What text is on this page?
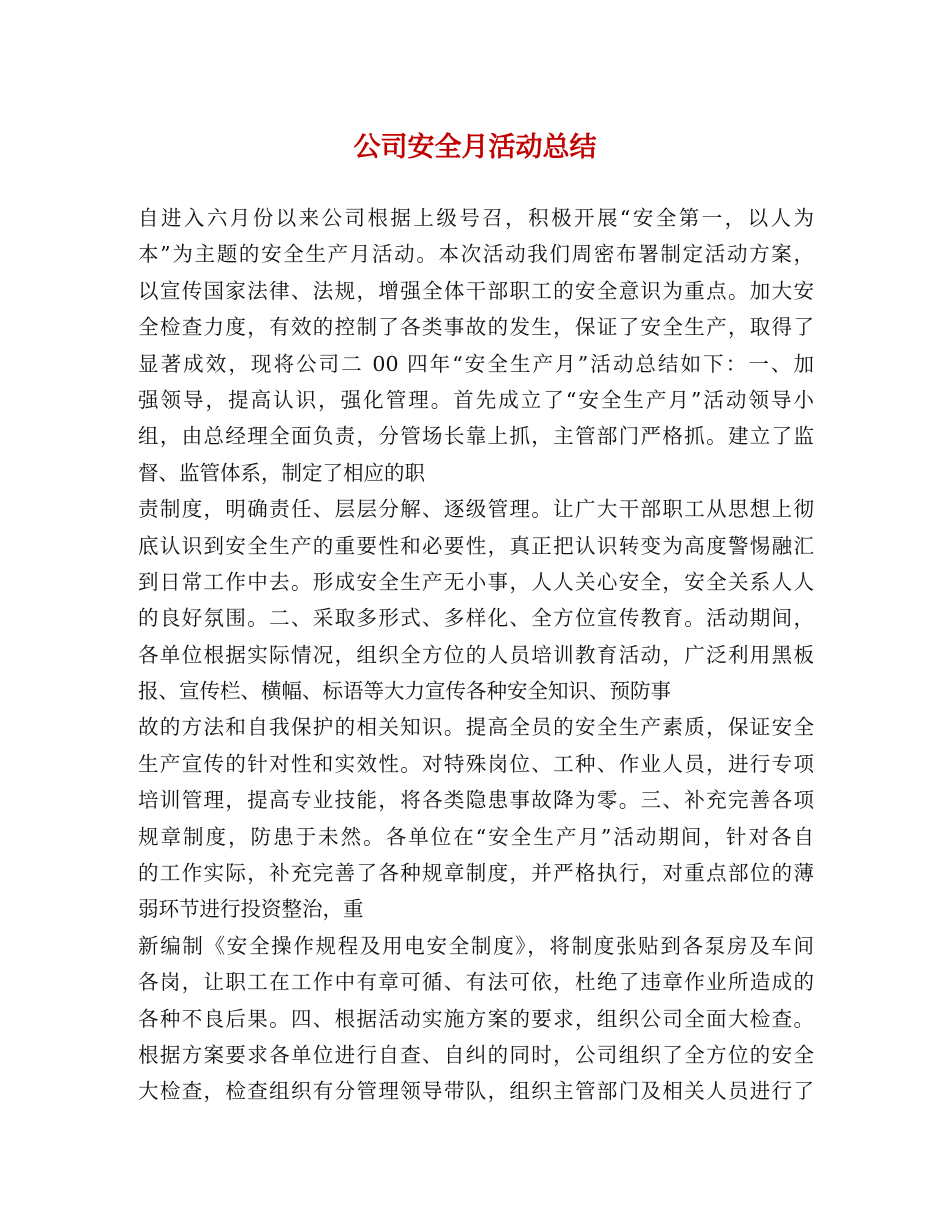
公司安全月活动总结
自进入六月份以来公司根据上级号召，积极开展“安全第一，以人为
本”为主题的安全生产月活动。本次活动我们周密布署制定活动方案，
以宣传国家法律、法规，增强全体干部职工的安全意识为重点。加大安
全检查力度，有效的控制了各类事故的发生，保证了安全生产，取得了
显著成效，现将公司二 00 四年“安全生产月”活动总结如下：一、加
强领导，提高认识，强化管理。首先成立了“安全生产月”活动领导小
组，由总经理全面负责，分管场长靠上抓，主管部门严格抓。建立了监
督、监管体系，制定了相应的职
责制度，明确责任、层层分解、逐级管理。让广大干部职工从思想上彻
底认识到安全生产的重要性和必要性，真正把认识转变为高度警惕融汇
到日常工作中去。形成安全生产无小事，人人关心安全，安全关系人人
的良好氛围。二、采取多形式、多样化、全方位宣传教育。活动期间，
各单位根据实际情况，组织全方位的人员培训教育活动，广泛利用黑板
报、宣传栏、横幅、标语等大力宣传各种安全知识、预防事
故的方法和自我保护的相关知识。提高全员的安全生产素质，保证安全
生产宣传的针对性和实效性。对特殊岗位、工种、作业人员，进行专项
培训管理，提高专业技能，将各类隐患事故降为零。三、补充完善各项
规章制度，防患于未然。各单位在“安全生产月”活动期间，针对各自
的工作实际，补充完善了各种规章制度，并严格执行，对重点部位的薄
弱环节进行投资整治，重
新编制《安全操作规程及用电安全制度》，将制度张贴到各泵房及车间
各岗，让职工在工作中有章可循、有法可依，杜绝了违章作业所造成的
各种不良后果。四、根据活动实施方案的要求，组织公司全面大检查。
根据方案要求各单位进行自查、自纠的同时，公司组织了全方位的安全
大检查，检查组织有分管理领导带队，组织主管部门及相关人员进行了
